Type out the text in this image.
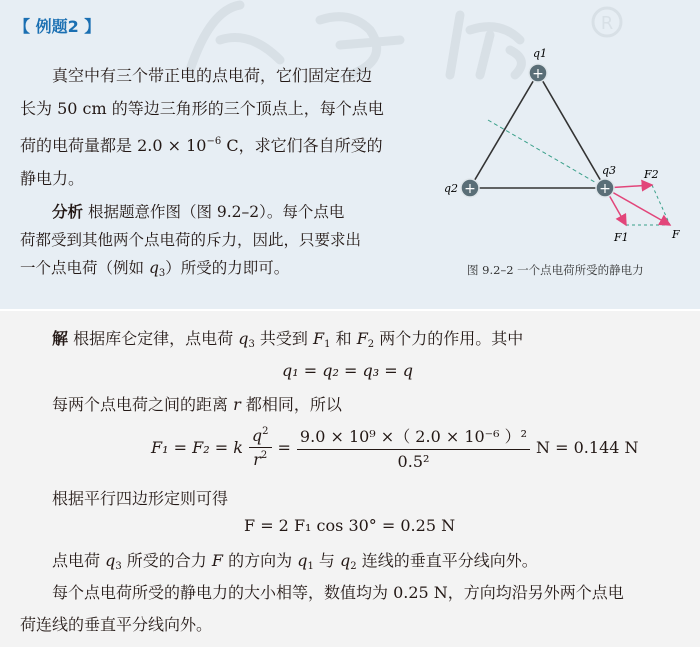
R
【 例题2 】
真空中有三个带正电的点电荷，它们固定在边
长为 50 cm 的等边三角形的三个顶点上，每个点电
荷的电荷量都是 $2.0 \times 10^{-6}$ C，求它们各自所受的
静电力。
分析 根据题意作图（图 9.2–2）。每个点电
荷都受到其他两个点电荷的斥力，因此，只要求出
一个点电荷（例如 $q_3$）所受的力即可。
+
+	+
q1
q2
q3	F2
F
F1
图 9.2–2 一个点电荷所受的静电力
解 根据库仑定律，点电荷 $q_3$ 共受到 $F_1$ 和 $F_2$ 两个力的作用。其中
q₁ = q₂ = q₃ = q
每两个点电荷之间的距离 r 都相同，所以
F₁ = F₂ = k $\frac{q^2}{r^2} = \frac{\text{9.0 × 10⁹ ×（ 2.0 × 10⁻⁶ ）²}}{\text{0.5²}}$ N = 0.144 N
根据平行四边形定则可得
F = 2 F₁ cos 30° = 0.25 N
点电荷 $q_3$ 所受的合力 F 的方向为 $q_1$ 与 $q_2$ 连线的垂直平分线向外。
每个点电荷所受的静电力的大小相等，数值均为 0.25 N，方向均沿另外两个点电
荷连线的垂直平分线向外。
